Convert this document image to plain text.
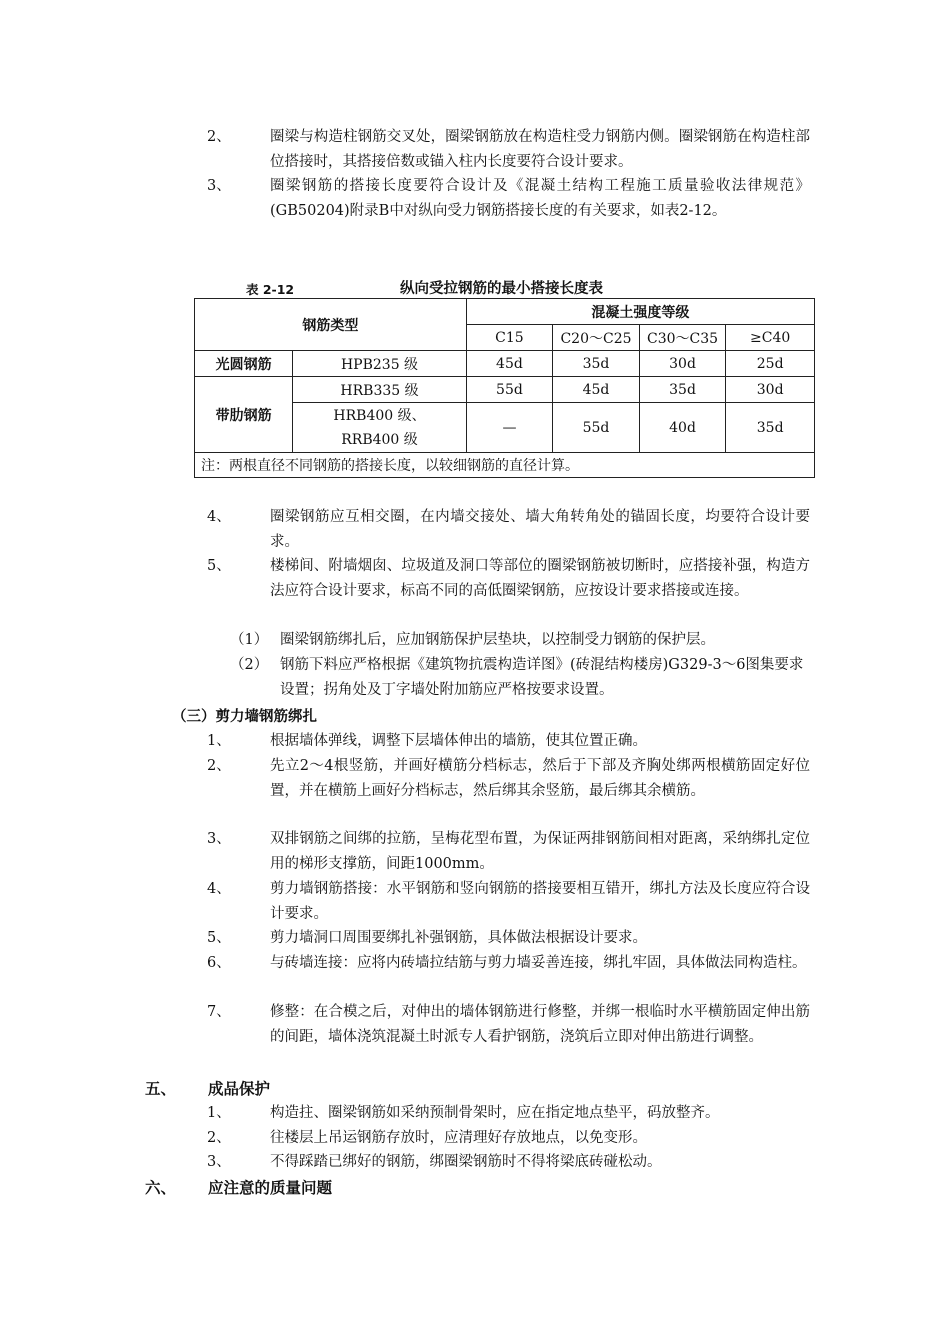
2、	圈梁与构造柱钢筋交叉处，圈梁钢筋放在构造柱受力钢筋内侧。圈梁钢筋在构造柱部位搭接时，其搭接倍数或锚入柱内长度要符合设计要求。
3、	圈梁钢筋的搭接长度要符合设计及《混凝土结构工程施工质量验收法律规范》(GB50204)附录B中对纵向受力钢筋搭接长度的有关要求，如表2-12。
表 2-12	纵向受拉钢筋的最小搭接长度表
钢筋类型		混凝土强度等级			
		C15	C20～C25	C30～C35	≥C40
光圆钢筋	HPB235 级	45d	35d	30d	25d
带肋钢筋	HRB335 级	55d	45d	35d	30d
	HRB400 级、RRB400 级	—	55d	40d	35d
注：两根直径不同钢筋的搭接长度，以较细钢筋的直径计算。					
4、	圈梁钢筋应互相交圈，在内墙交接处、墙大角转角处的锚固长度，均要符合设计要求。
5、	楼梯间、附墙烟囱、垃圾道及洞口等部位的圈梁钢筋被切断时，应搭接补强，构造方法应符合设计要求，标高不同的高低圈梁钢筋，应按设计要求搭接或连接。
（1） 圈梁钢筋绑扎后，应加钢筋保护层垫块，以控制受力钢筋的保护层。
（2） 钢筋下料应严格根据《建筑物抗震构造详图》(砖混结构楼房)G329-3～6图集要求设置；拐角处及丁字墙处附加筋应严格按要求设置。
（三）剪力墙钢筋绑扎
1、	根据墙体弹线，调整下层墙体伸出的墙筋，使其位置正确。
2、	先立2～4根竖筋，并画好横筋分档标志，然后于下部及齐胸处绑两根横筋固定好位置，并在横筋上画好分档标志，然后绑其余竖筋，最后绑其余横筋。
3、	双排钢筋之间绑的拉筋，呈梅花型布置，为保证两排钢筋间相对距离，采纳绑扎定位用的梯形支撑筋，间距1000mm。
4、	剪力墙钢筋搭接：水平钢筋和竖向钢筋的搭接要相互错开，绑扎方法及长度应符合设计要求。
5、	剪力墙洞口周围要绑扎补强钢筋，具体做法根据设计要求。
6、	与砖墙连接：应将内砖墙拉结筋与剪力墙妥善连接，绑扎牢固，具体做法同构造柱。
7、	修整：在合模之后，对伸出的墙体钢筋进行修整，并绑一根临时水平横筋固定伸出筋的间距，墙体浇筑混凝土时派专人看护钢筋，浇筑后立即对伸出筋进行调整。
五、 成品保护
1、	构造拄、圈梁钢筋如采纳预制骨架时，应在指定地点垫平，码放整齐。
2、	往楼层上吊运钢筋存放时，应清理好存放地点，以免变形。
3、	不得踩踏已绑好的钢筋，绑圈梁钢筋时不得将梁底砖碰松动。
六、 应注意的质量问题
